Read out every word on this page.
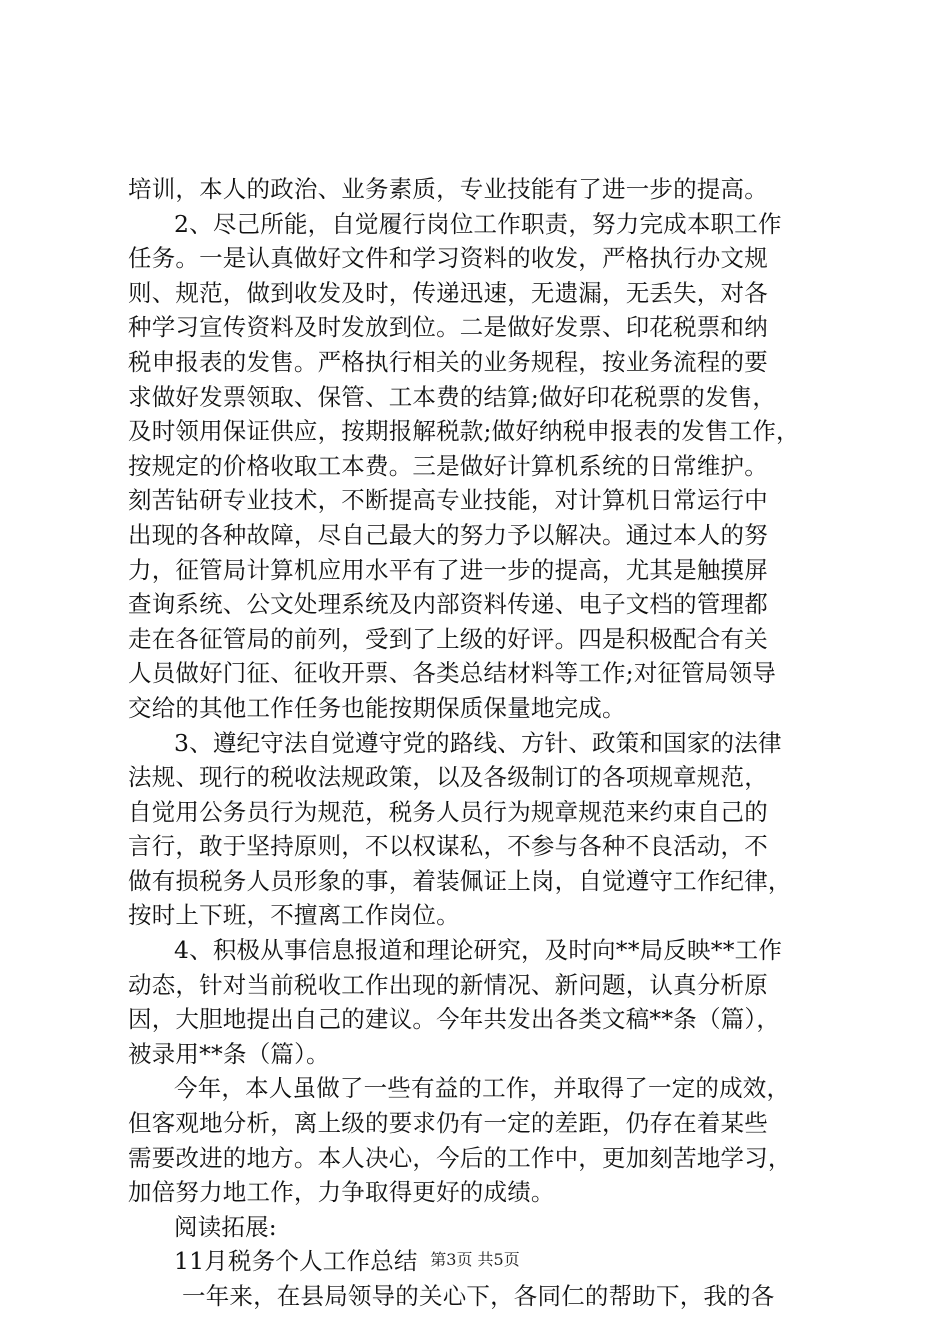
培训，本人的政治、业务素质，专业技能有了进一步的提高。
2、尽己所能，自觉履行岗位工作职责，努力完成本职工作
任务。一是认真做好文件和学习资料的收发，严格执行办文规
则、规范，做到收发及时，传递迅速，无遗漏，无丢失，对各
种学习宣传资料及时发放到位。二是做好发票、印花税票和纳
税申报表的发售。严格执行相关的业务规程，按业务流程的要
求做好发票领取、保管、工本费的结算;做好印花税票的发售，
及时领用保证供应，按期报解税款;做好纳税申报表的发售工作，
按规定的价格收取工本费。三是做好计算机系统的日常维护。
刻苦钻研专业技术，不断提高专业技能，对计算机日常运行中
出现的各种故障，尽自己最大的努力予以解决。通过本人的努
力，征管局计算机应用水平有了进一步的提高，尤其是触摸屏
查询系统、公文处理系统及内部资料传递、电子文档的管理都
走在各征管局的前列，受到了上级的好评。四是积极配合有关
人员做好门征、征收开票、各类总结材料等工作;对征管局领导
交给的其他工作任务也能按期保质保量地完成。
3、遵纪守法自觉遵守党的路线、方针、政策和国家的法律
法规、现行的税收法规政策，以及各级制订的各项规章规范，
自觉用公务员行为规范，税务人员行为规章规范来约束自己的
言行，敢于坚持原则，不以权谋私，不参与各种不良活动，不
做有损税务人员形象的事，着装佩证上岗，自觉遵守工作纪律，
按时上下班，不擅离工作岗位。
4、积极从事信息报道和理论研究，及时向**局反映**工作
动态，针对当前税收工作出现的新情况、新问题，认真分析原
因，大胆地提出自己的建议。今年共发出各类文稿**条（篇），
被录用**条（篇）。
今年，本人虽做了一些有益的工作，并取得了一定的成效，
但客观地分析，离上级的要求仍有一定的差距，仍存在着某些
需要改进的地方。本人决心，今后的工作中，更加刻苦地学习，
加倍努力地工作，力争取得更好的成绩。
阅读拓展:
11月税务个人工作总结
一年来，在县局领导的关心下，各同仁的帮助下，我的各
第3页 共5页
